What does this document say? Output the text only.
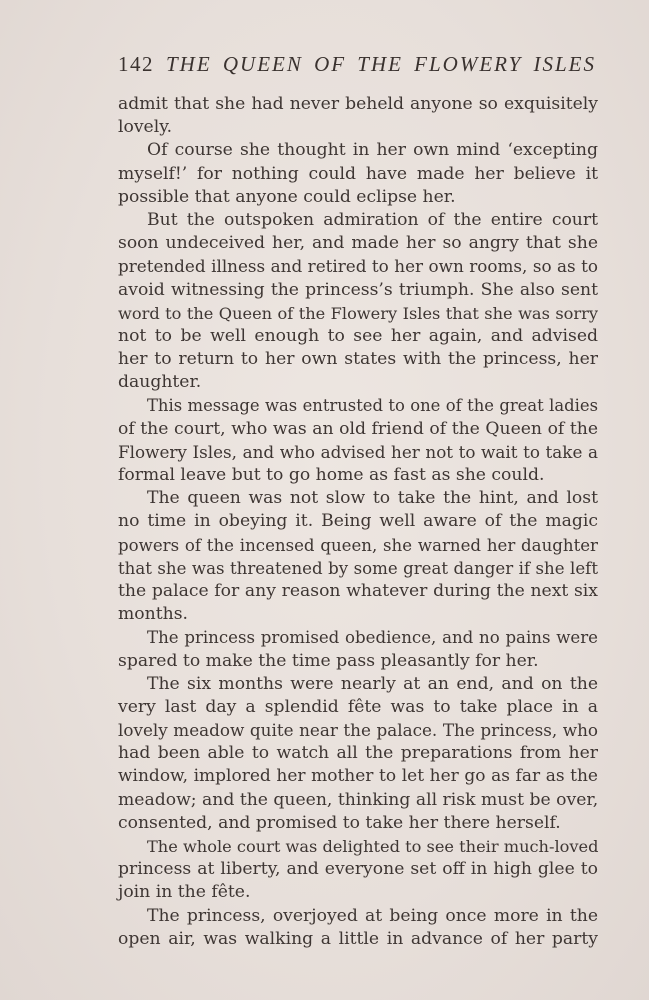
142 THE QUEEN OF THE FLOWERY ISLES
admit that she had never beheld anyone so exquisitely
lovely.
Of course she thought in her own mind ‘excepting
myself!’ for nothing could have made her believe it
possible that anyone could eclipse her.
But the outspoken admiration of the entire court
soon undeceived her, and made her so angry that she
pretended illness and retired to her own rooms, so as to
avoid witnessing the princess’s triumph. She also sent
word to the Queen of the Flowery Isles that she was sorry
not to be well enough to see her again, and advised
her to return to her own states with the princess, her
daughter.
This message was entrusted to one of the great ladies
of the court, who was an old friend of the Queen of the
Flowery Isles, and who advised her not to wait to take a
formal leave but to go home as fast as she could.
The queen was not slow to take the hint, and lost
no time in obeying it. Being well aware of the magic
powers of the incensed queen, she warned her daughter
that she was threatened by some great danger if she left
the palace for any reason whatever during the next six
months.
The princess promised obedience, and no pains were
spared to make the time pass pleasantly for her.
The six months were nearly at an end, and on the
very last day a splendid fête was to take place in a
lovely meadow quite near the palace. The princess, who
had been able to watch all the preparations from her
window, implored her mother to let her go as far as the
meadow; and the queen, thinking all risk must be over,
consented, and promised to take her there herself.
The whole court was delighted to see their much-loved
princess at liberty, and everyone set off in high glee to
join in the fête.
The princess, overjoyed at being once more in the
open air, was walking a little in advance of her party
